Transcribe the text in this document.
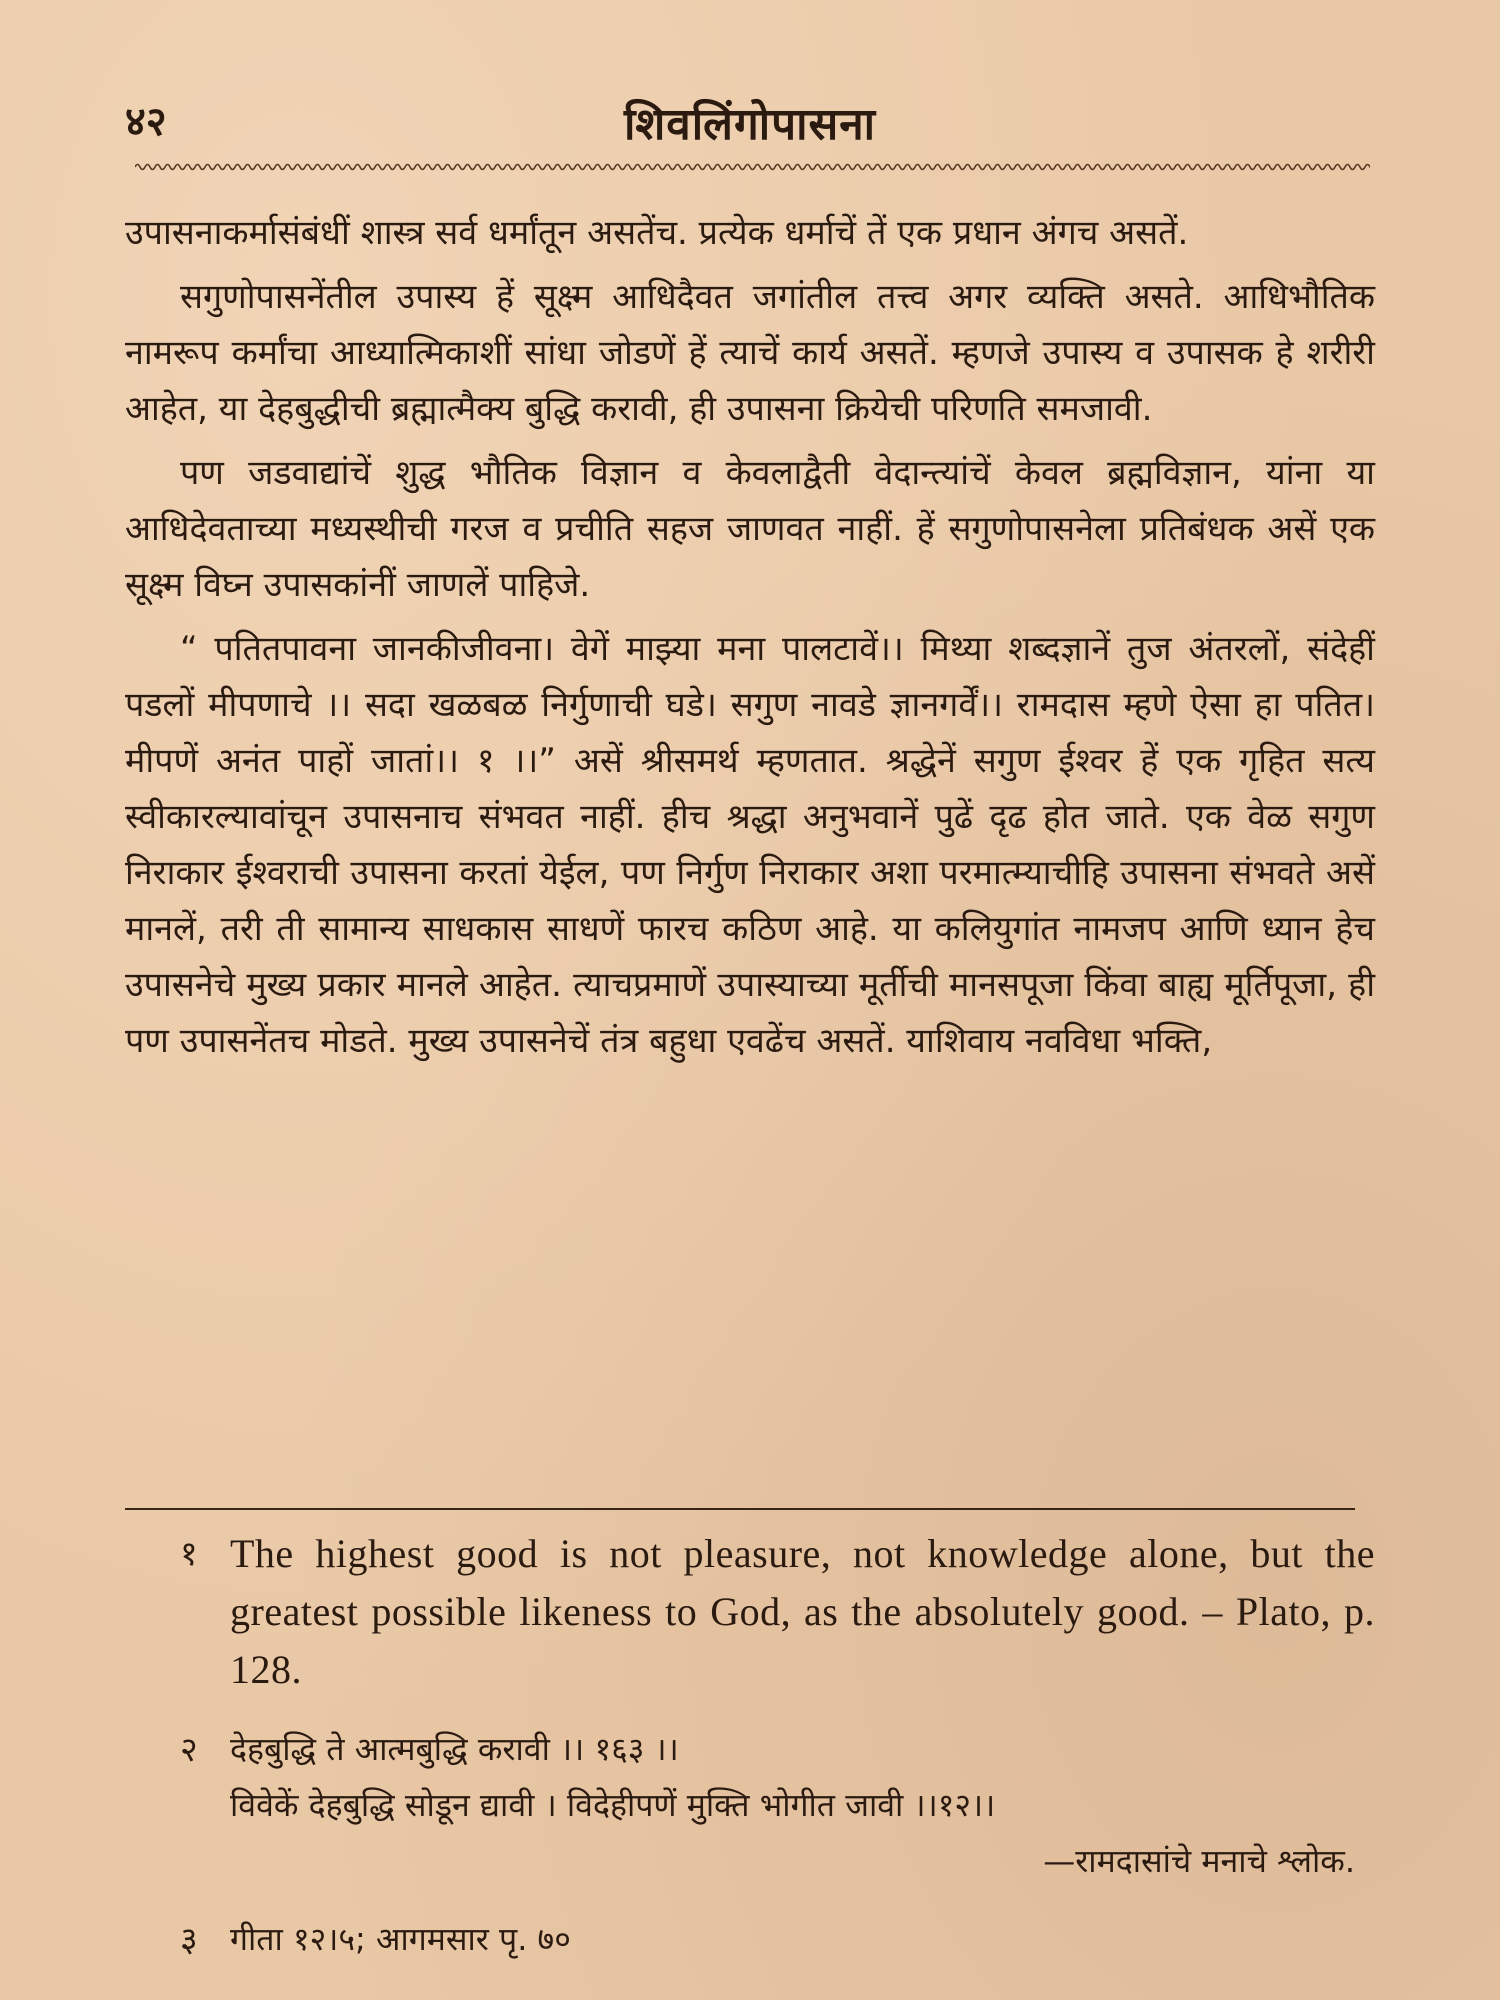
४२	शिवलिंगोपासना

उपासनाकर्मासंबंधीं शास्त्र सर्व धर्मांतून असतेंच. प्रत्येक धर्माचें तें एक प्रधान अंगच असतें.

सगुणोपासनेंतील उपास्य हें सूक्ष्म आधिदैवत जगांतील तत्त्व अगर व्यक्ति असते. आधिभौतिक नामरूप कर्मांचा आध्यात्मिकाशीं सांधा जोडणें हें त्याचें कार्य असतें. म्हणजे उपास्य व उपासक हे शरीरी आहेत, या देहबुद्धीची ब्रह्मात्मैक्य बुद्धि करावी, ही उपासना क्रियेची परिणति समजावी.

पण जडवाद्यांचें शुद्ध भौतिक विज्ञान व केवलाद्वैती वेदान्त्यांचें केवल ब्रह्मविज्ञान, यांना या आधिदेवताच्या मध्यस्थीची गरज व प्रचीति सहज जाणवत नाहीं. हें सगुणोपासनेला प्रतिबंधक असें एक सूक्ष्म विघ्न उपासकांनीं जाणलें पाहिजे.

“ पतितपावना जानकीजीवना। वेगें माझ्या मना पालटावें।। मिथ्या शब्दज्ञानें तुज अंतरलों, संदेहीं पडलों मीपणाचे ।। सदा खळबळ निर्गुणाची घडे। सगुण नावडे ज्ञानगर्वें।। रामदास म्हणे ऐसा हा पतित। मीपणें अनंत पाहों जातां।। १ ।।” असें श्रीसमर्थ म्हणतात. श्रद्धेनें सगुण ईश्वर हें एक गृहित सत्य स्वीकारल्यावांचून उपासनाच संभवत नाहीं. हीच श्रद्धा अनुभवानें पुढें दृढ होत जाते. एक वेळ सगुण निराकार ईश्वराची उपासना करतां येईल, पण निर्गुण निराकार अशा परमात्म्याचीहि उपासना संभवते असें मानलें, तरी ती सामान्य साधकास साधणें फारच कठिण आहे. या कलियुगांत नामजप आणि ध्यान हेच उपासनेचे मुख्य प्रकार मानले आहेत. त्याचप्रमाणें उपास्याच्या मूर्तीची मानसपूजा किंवा बाह्य मूर्तिपूजा, ही पण उपासनेंतच मोडते. मुख्य उपासनेचें तंत्र बहुधा एवढेंच असतें. याशिवाय नवविधा भक्ति,

१ The highest good is not pleasure, not knowledge alone, but the greatest possible likeness to God, as the absolutely good. – Plato, p. 128.
२	देहबुद्धि ते आत्मबुद्धि करावी ।। १६३ ।।
विवेकें देहबुद्धि सोडून द्यावी । विदेहीपणें मुक्ति भोगीत जावी ।।१२।।
—रामदासांचे मनाचे श्लोक.
३	गीता १२।५; आगमसार पृ. ७०
